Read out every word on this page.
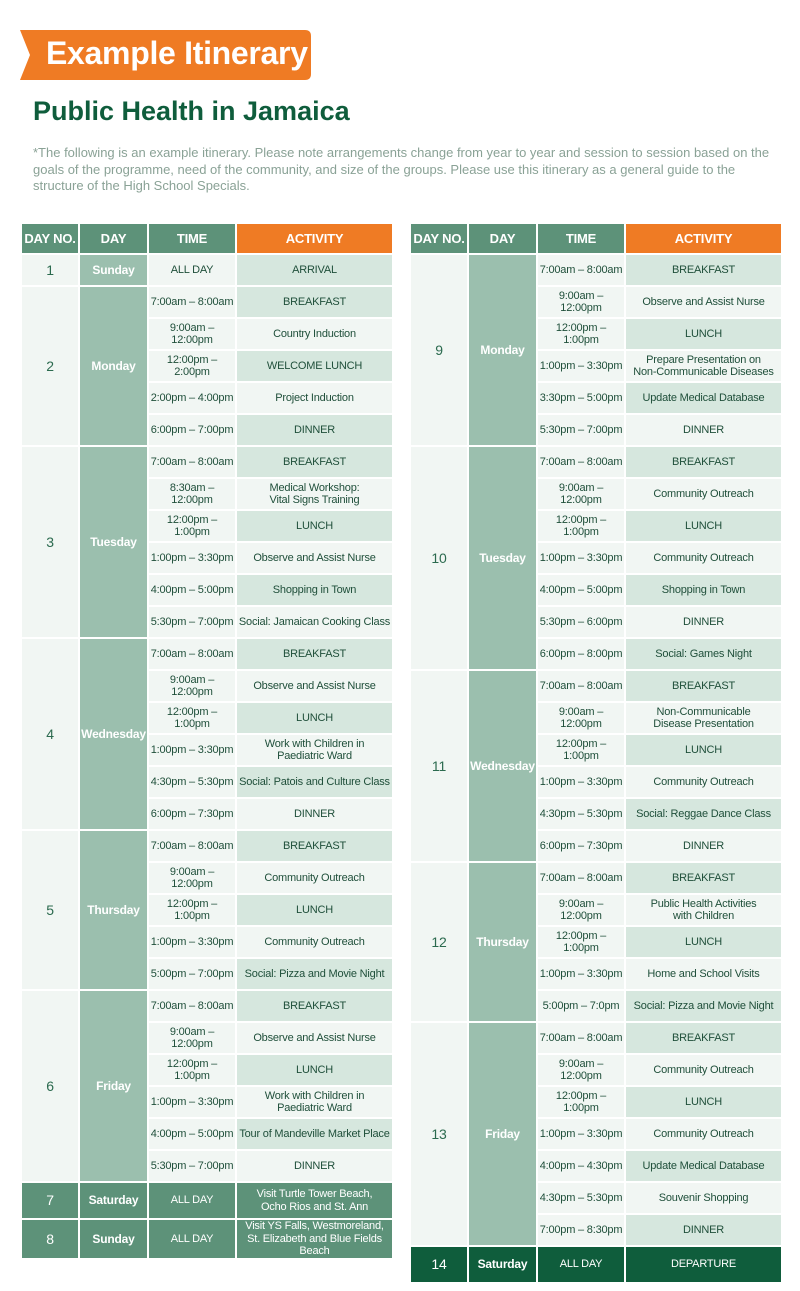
Example Itinerary
Public Health in Jamaica

*The following is an example itinerary. Please note arrangements change from year to year and session to session based on the goals of the programme, need of the community, and size of the groups. Please use this itinerary as a general guide to the structure of the High School Specials.

DAY NO.	DAY	TIME	ACTIVITY
1	Sunday	ALL DAY	ARRIVAL
2	Monday	7:00am – 8:00am	BREAKFAST
		9:00am – 12:00pm	Country Induction
		12:00pm – 2:00pm	WELCOME LUNCH
		2:00pm – 4:00pm	Project Induction
		6:00pm – 7:00pm	DINNER
3	Tuesday	7:00am – 8:00am	BREAKFAST
		8:30am – 12:00pm	Medical Workshop:
Vital Signs Training
		12:00pm – 1:00pm	LUNCH
		1:00pm – 3:30pm	Observe and Assist Nurse
		4:00pm – 5:00pm	Shopping in Town
		5:30pm – 7:00pm	Social: Jamaican Cooking Class
4	Wednesday	7:00am – 8:00am	BREAKFAST
		9:00am – 12:00pm	Observe and Assist Nurse
		12:00pm – 1:00pm	LUNCH
		1:00pm – 3:30pm	Work with Children in
Paediatric Ward
		4:30pm – 5:30pm	Social: Patois and Culture Class
		6:00pm – 7:30pm	DINNER
5	Thursday	7:00am – 8:00am	BREAKFAST
		9:00am – 12:00pm	Community Outreach
		12:00pm – 1:00pm	LUNCH
		1:00pm – 3:30pm	Community Outreach
		5:00pm – 7:00pm	Social: Pizza and Movie Night
6	Friday	7:00am – 8:00am	BREAKFAST
		9:00am – 12:00pm	Observe and Assist Nurse
		12:00pm – 1:00pm	LUNCH
		1:00pm – 3:30pm	Work with Children in
Paediatric Ward
		4:00pm – 5:00pm	Tour of Mandeville Market Place
		5:30pm – 7:00pm	DINNER
7	Saturday	ALL DAY	Visit Turtle Tower Beach,
Ocho Rios and St. Ann
8	Sunday	ALL DAY	Visit YS Falls, Westmoreland,
St. Elizabeth and Blue Fields Beach
DAY NO.	DAY	TIME	ACTIVITY
9	Monday	7:00am – 8:00am	BREAKFAST
		9:00am – 12:00pm	Observe and Assist Nurse
		12:00pm – 1:00pm	LUNCH
		1:00pm – 3:30pm	Prepare Presentation on
Non-Communicable Diseases
		3:30pm – 5:00pm	Update Medical Database
		5:30pm – 7:00pm	DINNER
10	Tuesday	7:00am – 8:00am	BREAKFAST
		9:00am – 12:00pm	Community Outreach
		12:00pm – 1:00pm	LUNCH
		1:00pm – 3:30pm	Community Outreach
		4:00pm – 5:00pm	Shopping in Town
		5:30pm – 6:00pm	DINNER
		6:00pm – 8:00pm	Social: Games Night
11	Wednesday	7:00am – 8:00am	BREAKFAST
		9:00am – 12:00pm	Non-Communicable
Disease Presentation
		12:00pm – 1:00pm	LUNCH
		1:00pm – 3:30pm	Community Outreach
		4:30pm – 5:30pm	Social: Reggae Dance Class
		6:00pm – 7:30pm	DINNER
12	Thursday	7:00am – 8:00am	BREAKFAST
		9:00am – 12:00pm	Public Health Activities
with Children
		12:00pm – 1:00pm	LUNCH
		1:00pm – 3:30pm	Home and School Visits
		5:00pm – 7:0pm	Social: Pizza and Movie Night
13	Friday	7:00am – 8:00am	BREAKFAST
		9:00am – 12:00pm	Community Outreach
		12:00pm – 1:00pm	LUNCH
		1:00pm – 3:30pm	Community Outreach
		4:00pm – 4:30pm	Update Medical Database
		4:30pm – 5:30pm	Souvenir Shopping
		7:00pm – 8:30pm	DINNER
14	Saturday	ALL DAY	DEPARTURE
